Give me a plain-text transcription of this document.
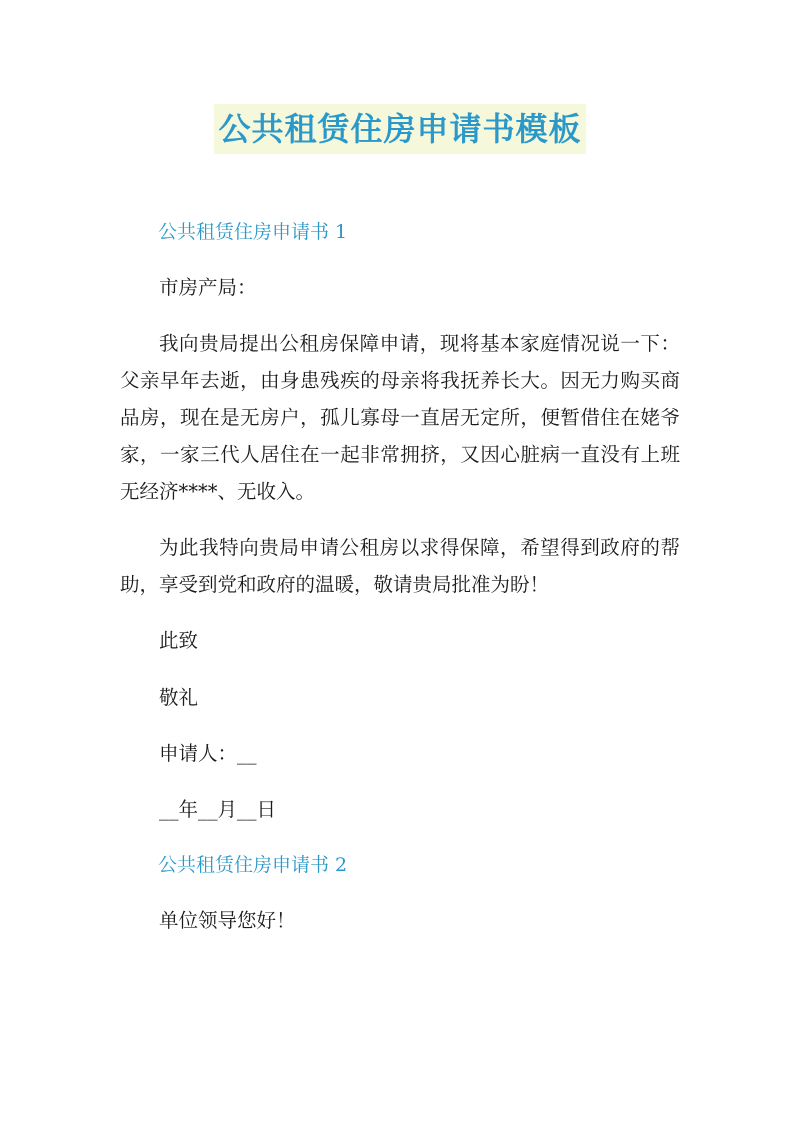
公共租赁住房申请书模板

公共租赁住房申请书 1

市房产局：

我向贵局提出公租房保障申请，现将基本家庭情况说一下：父亲早年去逝，由身患残疾的母亲将我抚养长大。因无力购买商品房，现在是无房户，孤儿寡母一直居无定所，便暂借住在姥爷家，一家三代人居住在一起非常拥挤，又因心脏病一直没有上班无经济****、无收入。

为此我特向贵局申请公租房以求得保障，希望得到政府的帮助，享受到党和政府的温暖，敬请贵局批准为盼！

此致

敬礼

申请人：__

__年__月__日

公共租赁住房申请书 2

单位领导您好！
